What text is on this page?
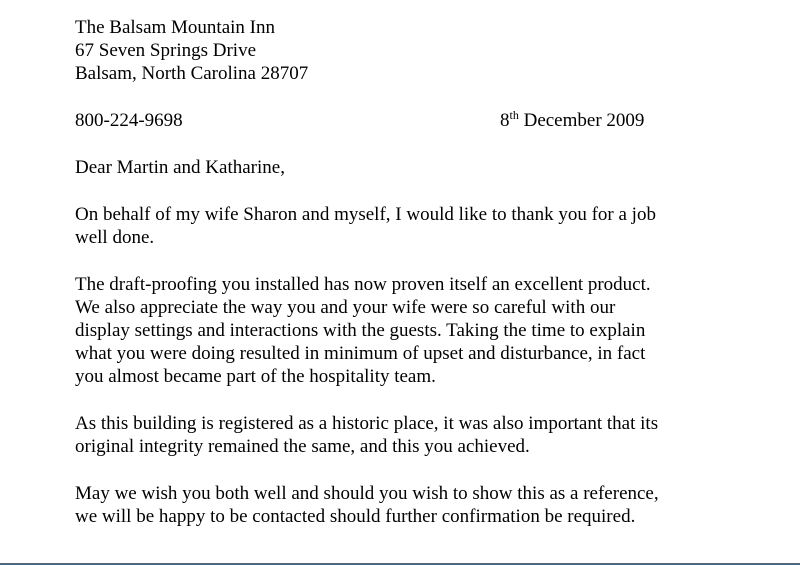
The Balsam Mountain Inn
67 Seven Springs Drive
Balsam, North Carolina 28707
800-224-9698	8th December 2009
Dear Martin and Katharine,

On behalf of my wife Sharon and myself, I would like to thank you for a job
well done.

The draft-proofing you installed has now proven itself an excellent product.
We also appreciate the way you and your wife were so careful with our
display settings and interactions with the guests. Taking the time to explain
what you were doing resulted in minimum of upset and disturbance, in fact
you almost became part of the hospitality team.

As this building is registered as a historic place, it was also important that its
original integrity remained the same, and this you achieved.

May we wish you both well and should you wish to show this as a reference,
we will be happy to be contacted should further confirmation be required.
